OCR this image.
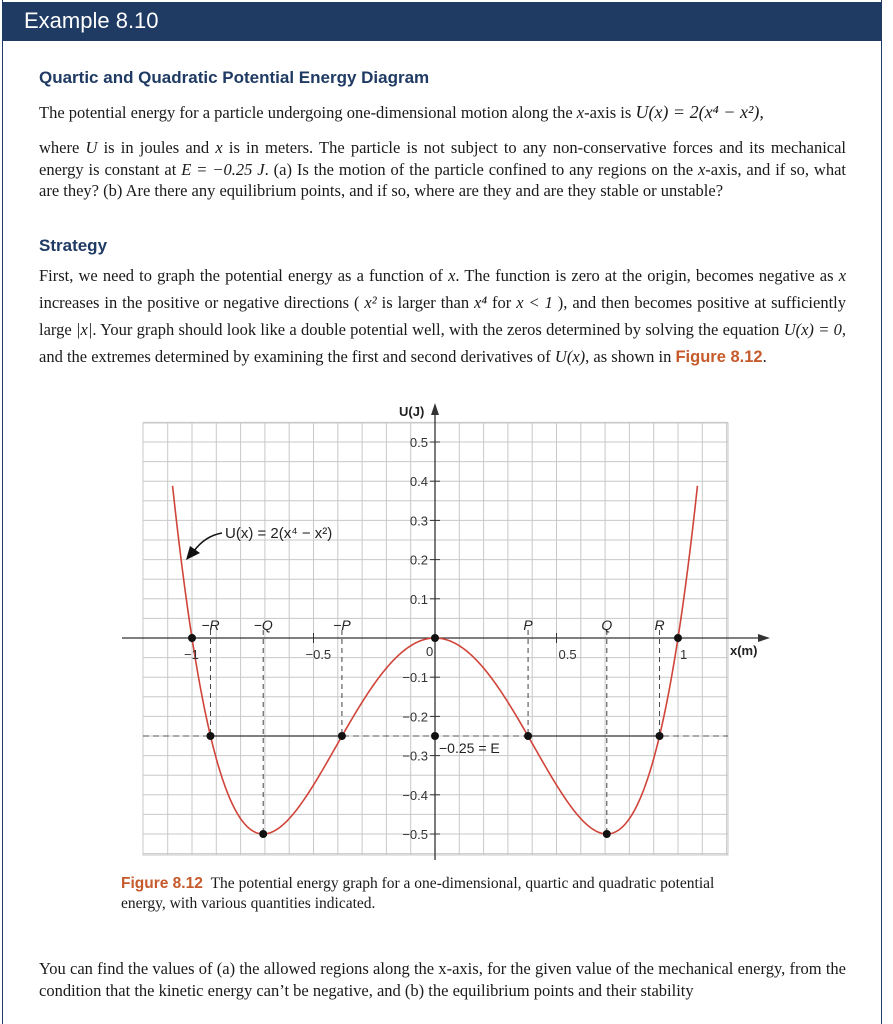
Example 8.10
Quartic and Quadratic Potential Energy Diagram
The potential energy for a particle undergoing one-dimensional motion along the x-axis is U(x) = 2(x⁴ − x²),
where U is in joules and x is in meters. The particle is not subject to any non-conservative forces and its mechanical energy is constant at E = −0.25 J. (a) Is the motion of the particle confined to any regions on the x-axis, and if so, what are they? (b) Are there any equilibrium points, and if so, where are they and are they stable or unstable?
Strategy
First, we need to graph the potential energy as a function of x. The function is zero at the origin, becomes negative as x increases in the positive or negative directions ( x² is larger than x⁴ for x < 1 ), and then becomes positive at sufficiently large |x|. Your graph should look like a double potential well, with the zeros determined by solving the equation U(x) = 0, and the extremes determined by examining the first and second derivatives of U(x), as shown in Figure 8.12.
−1	−0.5	0.5	1
0.5
0.4
0.3
0.2
0.1
−0.1
−0.2
−0.3
−0.4
−0.5
0
U(J)
x(m)
−0.25 = E
−R −Q	−P	P	Q	R
U(x) = 2(x⁴ − x²)
Figure 8.12 The potential energy graph for a one-dimensional, quartic and quadratic potential energy, with various quantities indicated.
You can find the values of (a) the allowed regions along the x-axis, for the given value of the mechanical energy, from the condition that the kinetic energy can’t be negative, and (b) the equilibrium points and their stability
